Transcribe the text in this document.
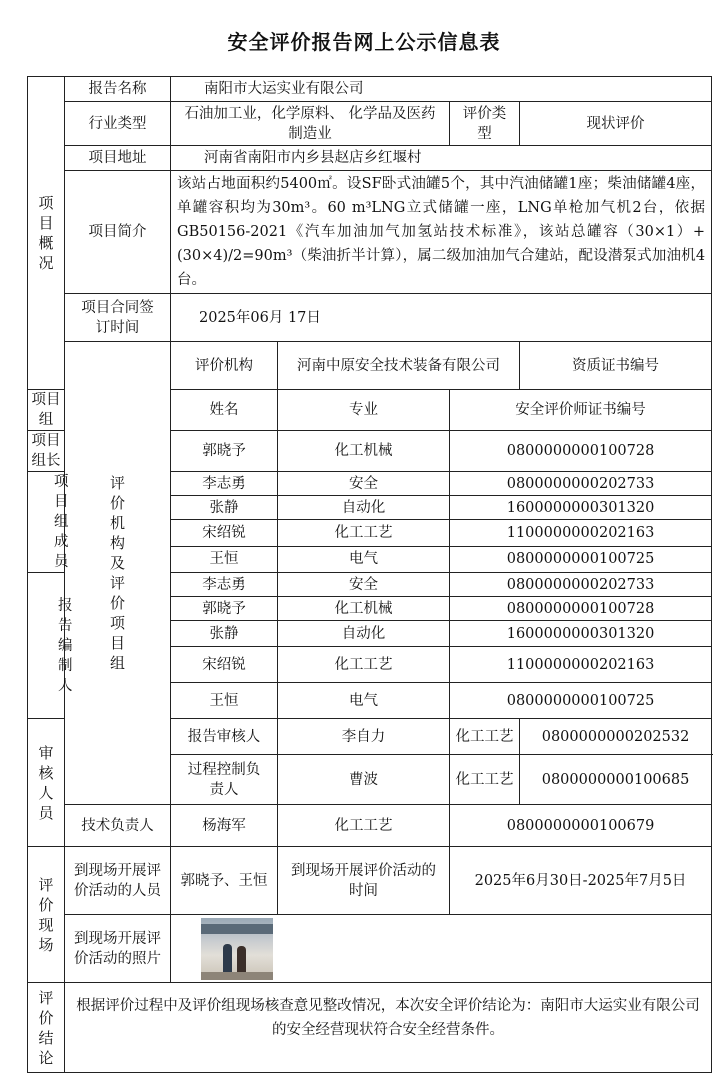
安全评价报告网上公示信息表
项目概况	报告名称	南阳市大运实业有限公司				
	行业类型	石油加工业，化学原料、 化学品及医药制造业		评价类型	现状评价	
	项目地址	河南省南阳市内乡县赵店乡红堰村				
	项目简介	该站占地面积约5400㎡。设SF卧式油罐5个，其中汽油储罐1座；柴油储罐4座，单罐容积均为30m³。60 m³LNG立式储罐一座，LNG单枪加气机2台，依据GB50156-2021《汽车加油加气加氢站技术标准》，该站总罐容（30×1）+(30×4)/2=90m³（柴油折半计算），属二级加油加气合建站，配设潜泵式加油机4台。				
	项目合同签订时间	2025年06月 17日				
	评价机构及评价项目组	评价机构	河南中原安全技术装备有限公司		资质证书编号	
项目组		姓名	专业	安全评价师证书编号		
项目组长		郭晓予	化工机械	0800000000100728		
项目组成员		李志勇	安全	0800000000202733		
		张静	自动化	1600000000301320		
		宋绍锐	化工工艺	1100000000202163		
		王恒	电气	0800000000100725		
报告编制人		李志勇	安全	0800000000202733		
		郭晓予	化工机械	0800000000100728		
		张静	自动化	1600000000301320		
		宋绍锐	化工工艺	1100000000202163		
		王恒	电气	0800000000100725		
审核人员		报告审核人	李自力	化工工艺	0800000000202532	
		过程控制负责人	曹波	化工工艺	0800000000100685	
	技术负责人	杨海军	化工工艺	0800000000100679		
评价现场	到现场开展评价活动的人员	郭晓予、王恒	到现场开展评价活动的时间	2025年6月30日-2025年7月5日		
	到现场开展评价活动的照片					

评价结论	根据评价过程中及评价组现场核查意见整改情况，本次安全评价结论为：南阳市大运实业有限公司的安全经营现状符合安全经营条件。					
